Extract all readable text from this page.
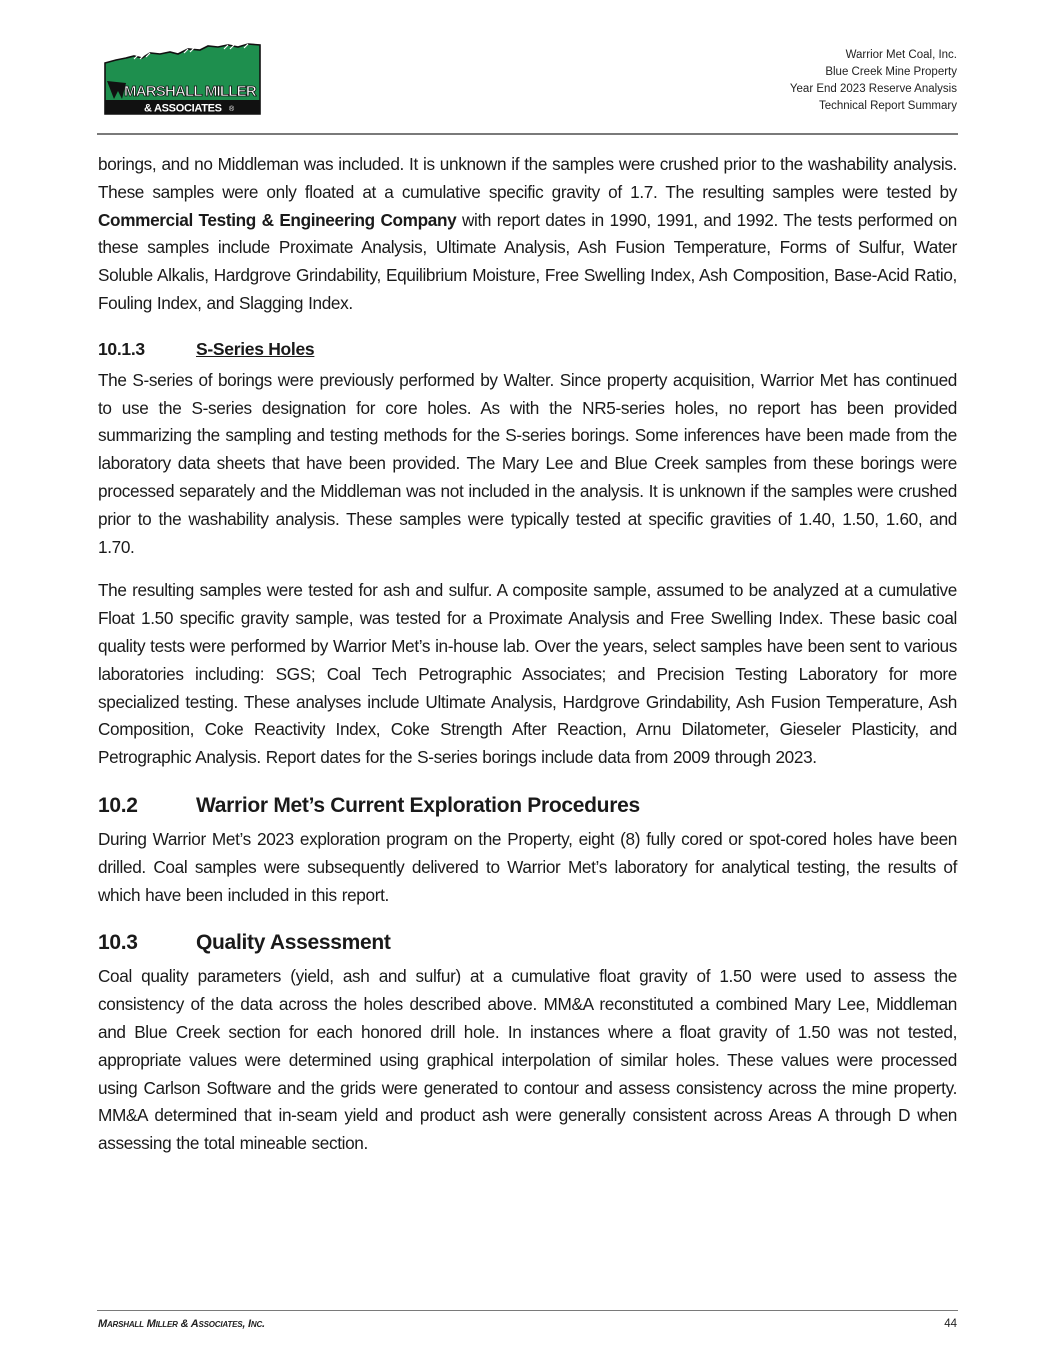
MARSHALL MILLER
& ASSOCIATES ®
Warrior Met Coal, Inc.
Blue Creek Mine Property
Year End 2023 Reserve Analysis
Technical Report Summary

borings, and no Middleman was included. It is unknown if the samples were crushed prior to the washability analysis. These samples were only floated at a cumulative specific gravity of 1.7. The resulting samples were tested by Commercial Testing & Engineering Company with report dates in 1990, 1991, and 1992. The tests performed on these samples include Proximate Analysis, Ultimate Analysis, Ash Fusion Temperature, Forms of Sulfur, Water Soluble Alkalis, Hardgrove Grindability, Equilibrium Moisture, Free Swelling Index, Ash Composition, Base-Acid Ratio, Fouling Index, and Slagging Index.

10.1.3	S-Series Holes

The S-series of borings were previously performed by Walter. Since property acquisition, Warrior Met has continued to use the S-series designation for core holes. As with the NR5-series holes, no report has been provided summarizing the sampling and testing methods for the S-series borings. Some inferences have been made from the laboratory data sheets that have been provided. The Mary Lee and Blue Creek samples from these borings were processed separately and the Middleman was not included in the analysis. It is unknown if the samples were crushed prior to the washability analysis. These samples were typically tested at specific gravities of 1.40, 1.50, 1.60, and 1.70.

The resulting samples were tested for ash and sulfur. A composite sample, assumed to be analyzed at a cumulative Float 1.50 specific gravity sample, was tested for a Proximate Analysis and Free Swelling Index. These basic coal quality tests were performed by Warrior Met’s in-house lab. Over the years, select samples have been sent to various laboratories including: SGS; Coal Tech Petrographic Associates; and Precision Testing Laboratory for more specialized testing. These analyses include Ultimate Analysis, Hardgrove Grindability, Ash Fusion Temperature, Ash Composition, Coke Reactivity Index, Coke Strength After Reaction, Arnu Dilatometer, Gieseler Plasticity, and Petrographic Analysis. Report dates for the S-series borings include data from 2009 through 2023.

10.2	Warrior Met’s Current Exploration Procedures

During Warrior Met’s 2023 exploration program on the Property, eight (8) fully cored or spot-cored holes have been drilled. Coal samples were subsequently delivered to Warrior Met’s laboratory for analytical testing, the results of which have been included in this report.

10.3	Quality Assessment

Coal quality parameters (yield, ash and sulfur) at a cumulative float gravity of 1.50 were used to assess the consistency of the data across the holes described above. MM&A reconstituted a combined Mary Lee, Middleman and Blue Creek section for each honored drill hole. In instances where a float gravity of 1.50 was not tested, appropriate values were determined using graphical interpolation of similar holes. These values were processed using Carlson Software and the grids were generated to contour and assess consistency across the mine property. MM&A determined that in-seam yield and product ash were generally consistent across Areas A through D when assessing the total mineable section.

Marshall Miller & Associates, Inc.	44
